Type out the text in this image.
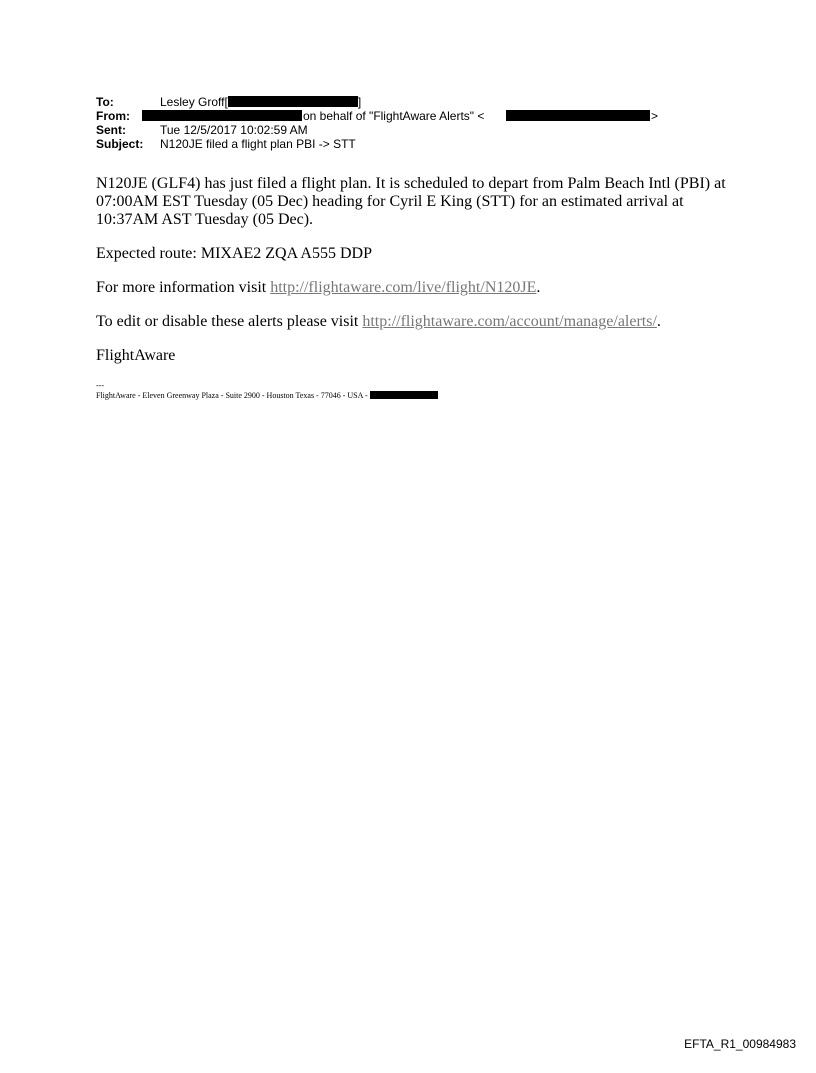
To:	Lesley Groff[	]
From:	on behalf of "FlightAware Alerts" <	>
Sent:	Tue 12/5/2017 10:02:59 AM
Subject: N120JE filed a flight plan PBI -> STT

N120JE (GLF4) has just filed a flight plan. It is scheduled to depart from Palm Beach Intl (PBI) at 07:00AM EST Tuesday (05 Dec) heading for Cyril E King (STT) for an estimated arrival at 10:37AM AST Tuesday (05 Dec).

Expected route: MIXAE2 ZQA A555 DDP

For more information visit http://flightaware.com/live/flight/N120JE.

To edit or disable these alerts please visit http://flightaware.com/account/manage/alerts/.

FlightAware

---
FlightAware - Eleven Greenway Plaza - Suite 2900 - Houston Texas - 77046 - USA -
EFTA_R1_00984983
